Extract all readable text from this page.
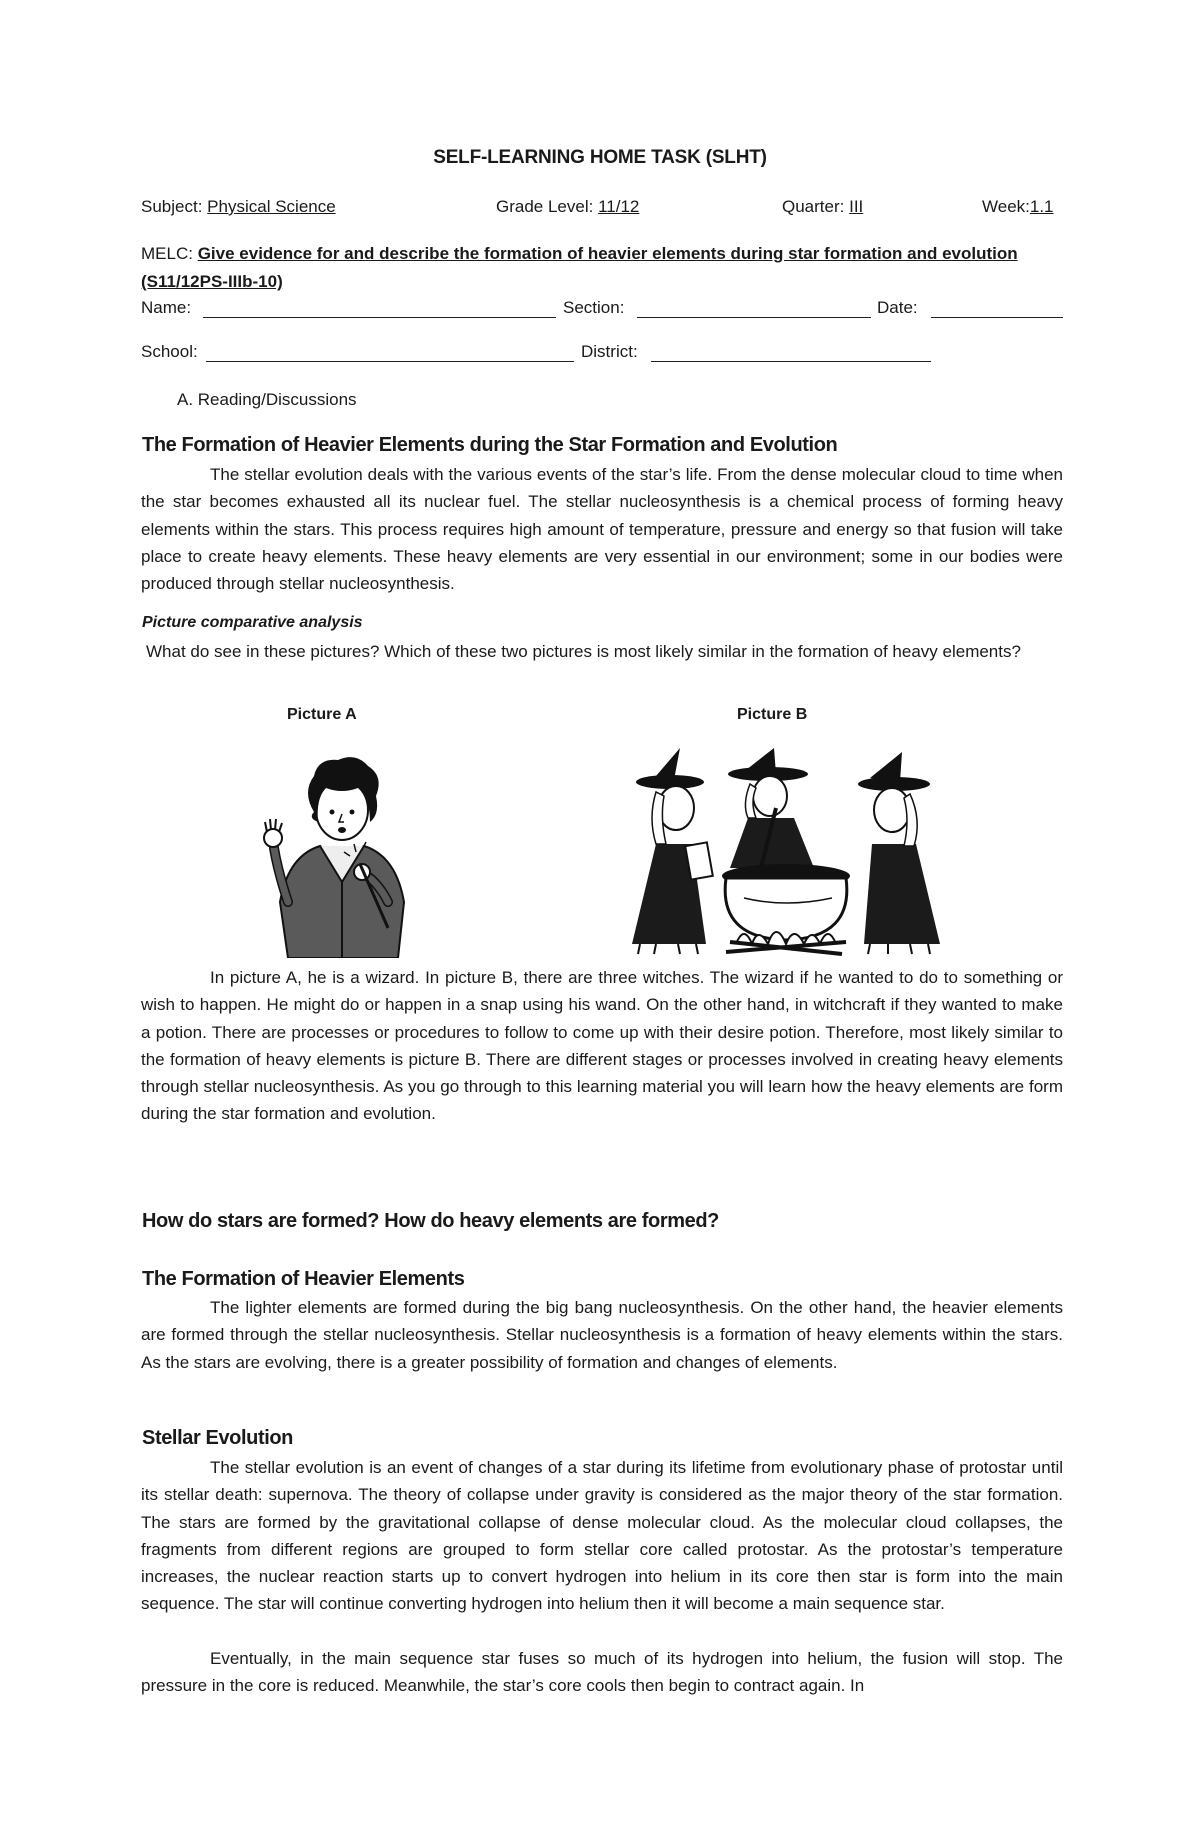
SELF-LEARNING HOME TASK (SLHT)
Subject: Physical Science	Grade Level: 11/12	Quarter: III	Week:1.1
MELC: Give evidence for and describe the formation of heavier elements during star formation and evolution (S11/12PS-IIIb-10)
Name:	Section:	Date:
School:	District:
A. Reading/Discussions
The Formation of Heavier Elements during the Star Formation and Evolution

The stellar evolution deals with the various events of the star’s life. From the dense molecular cloud to time when the star becomes exhausted all its nuclear fuel. The stellar nucleosynthesis is a chemical process of forming heavy elements within the stars. This process requires high amount of temperature, pressure and energy so that fusion will take place to create heavy elements. These heavy elements are very essential in our environment; some in our bodies were produced through stellar nucleosynthesis.

Picture comparative analysis

What do see in these pictures? Which of these two pictures is most likely similar in the formation of heavy elements?

Picture A	Picture B

In picture A, he is a wizard. In picture B, there are three witches. The wizard if he wanted to do to something or wish to happen. He might do or happen in a snap using his wand. On the other hand, in witchcraft if they wanted to make a potion. There are processes or procedures to follow to come up with their desire potion. Therefore, most likely similar to the formation of heavy elements is picture B. There are different stages or processes involved in creating heavy elements through stellar nucleosynthesis. As you go through to this learning material you will learn how the heavy elements are form during the star formation and evolution.

How do stars are formed? How do heavy elements are formed?
The Formation of Heavier Elements

The lighter elements are formed during the big bang nucleosynthesis. On the other hand, the heavier elements are formed through the stellar nucleosynthesis. Stellar nucleosynthesis is a formation of heavy elements within the stars. As the stars are evolving, there is a greater possibility of formation and changes of elements.

Stellar Evolution

The stellar evolution is an event of changes of a star during its lifetime from evolutionary phase of protostar until its stellar death: supernova. The theory of collapse under gravity is considered as the major theory of the star formation. The stars are formed by the gravitational collapse of dense molecular cloud. As the molecular cloud collapses, the fragments from different regions are grouped to form stellar core called protostar. As the protostar’s temperature increases, the nuclear reaction starts up to convert hydrogen into helium in its core then star is form into the main sequence. The star will continue converting hydrogen into helium then it will become a main sequence star.

Eventually, in the main sequence star fuses so much of its hydrogen into helium, the fusion will stop. The pressure in the core is reduced. Meanwhile, the star’s core cools then begin to contract again. In
